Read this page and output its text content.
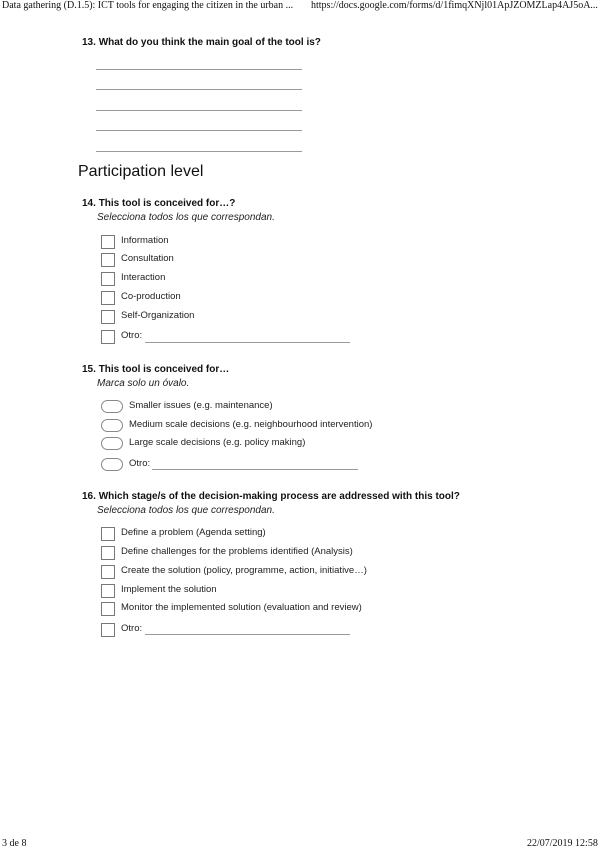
Data gathering (D.1.5): ICT tools for engaging the citizen in the urban ... https://docs.google.com/forms/d/1fimqXNjl01ApJZOMZLap4AJ5oA...
13. What do you think the main goal of the tool is?
Participation level
14. This tool is conceived for…?
Selecciona todos los que correspondan.
Information
Consultation
Interaction
Co-production
Self-Organization
Otro:
15. This tool is conceived for…
Marca solo un óvalo.
Smaller issues (e.g. maintenance)
Medium scale decisions (e.g. neighbourhood intervention)
Large scale decisions (e.g. policy making)
Otro:
16. Which stage/s of the decision-making process are addressed with this tool?
Selecciona todos los que correspondan.
Define a problem (Agenda setting)
Define challenges for the problems identified (Analysis)
Create the solution (policy, programme, action, initiative…)
Implement the solution
Monitor the implemented solution (evaluation and review)
Otro:
3 de 8	22/07/2019 12:58
